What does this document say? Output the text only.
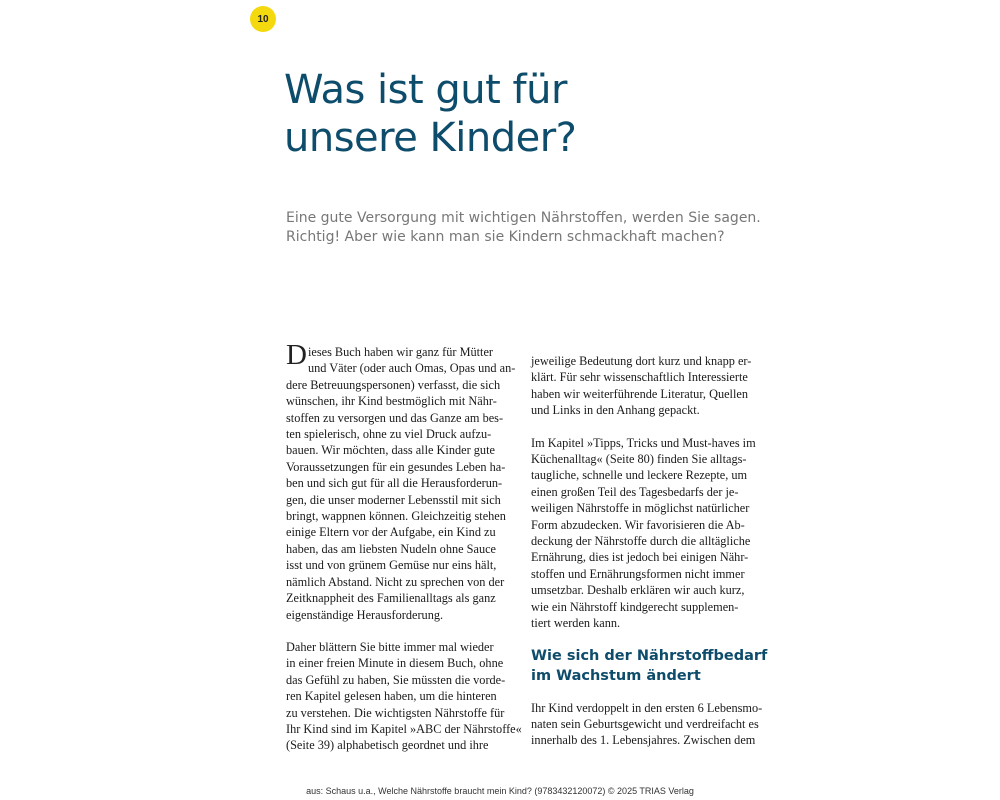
10
Was ist gut für
unsere Kinder?

Eine gute Versorgung mit wichtigen Nährstoffen, werden Sie sagen.
Richtig! Aber wie kann man sie Kindern schmackhaft machen?

D ieses Buch haben wir ganz für Mütter
und Väter (oder auch Omas, Opas und an-
dere Betreuungspersonen) verfasst, die sich
wünschen, ihr Kind bestmöglich mit Nähr-
stoffen zu versorgen und das Ganze am bes-
ten spielerisch, ohne zu viel Druck aufzu-
bauen. Wir möchten, dass alle Kinder gute
Voraussetzungen für ein gesundes Leben ha-
ben und sich gut für all die Herausforderun-
gen, die unser moderner Lebensstil mit sich
bringt, wappnen können. Gleichzeitig stehen
einige Eltern vor der Aufgabe, ein Kind zu
haben, das am liebsten Nudeln ohne Sauce
isst und von grünem Gemüse nur eins hält,
nämlich Abstand. Nicht zu sprechen von der
Zeitknappheit des Familienalltags als ganz
eigenständige Herausforderung.

Daher blättern Sie bitte immer mal wieder
in einer freien Minute in diesem Buch, ohne
das Gefühl zu haben, Sie müssten die vorde-
ren Kapitel gelesen haben, um die hinteren
zu verstehen. Die wichtigsten Nährstoffe für
Ihr Kind sind im Kapitel »ABC der Nährstoffe«
(Seite 39) alphabetisch geordnet und ihre

jeweilige Bedeutung dort kurz und knapp er-
klärt. Für sehr wissenschaftlich Interessierte
haben wir weiterführende Literatur, Quellen
und Links in den Anhang gepackt.

Im Kapitel »Tipps, Tricks und Must-haves im
Küchenalltag« (Seite 80) finden Sie alltags-
taugliche, schnelle und leckere Rezepte, um
einen großen Teil des Tagesbedarfs der je-
weiligen Nährstoffe in möglichst natürlicher
Form abzudecken. Wir favorisieren die Ab-
deckung der Nährstoffe durch die alltägliche
Ernährung, dies ist jedoch bei einigen Nähr-
stoffen und Ernährungsformen nicht immer
umsetzbar. Deshalb erklären wir auch kurz,
wie ein Nährstoff kindgerecht supplemen-
tiert werden kann.

Wie sich der Nährstoffbedarf
im Wachstum ändert

Ihr Kind verdoppelt in den ersten 6 Lebensmo-
naten sein Geburtsgewicht und verdreifacht es
innerhalb des 1. Lebensjahres. Zwischen dem

aus: Schaus u.a., Welche Nährstoffe braucht mein Kind? (9783432120072) © 2025 TRIAS Verlag
